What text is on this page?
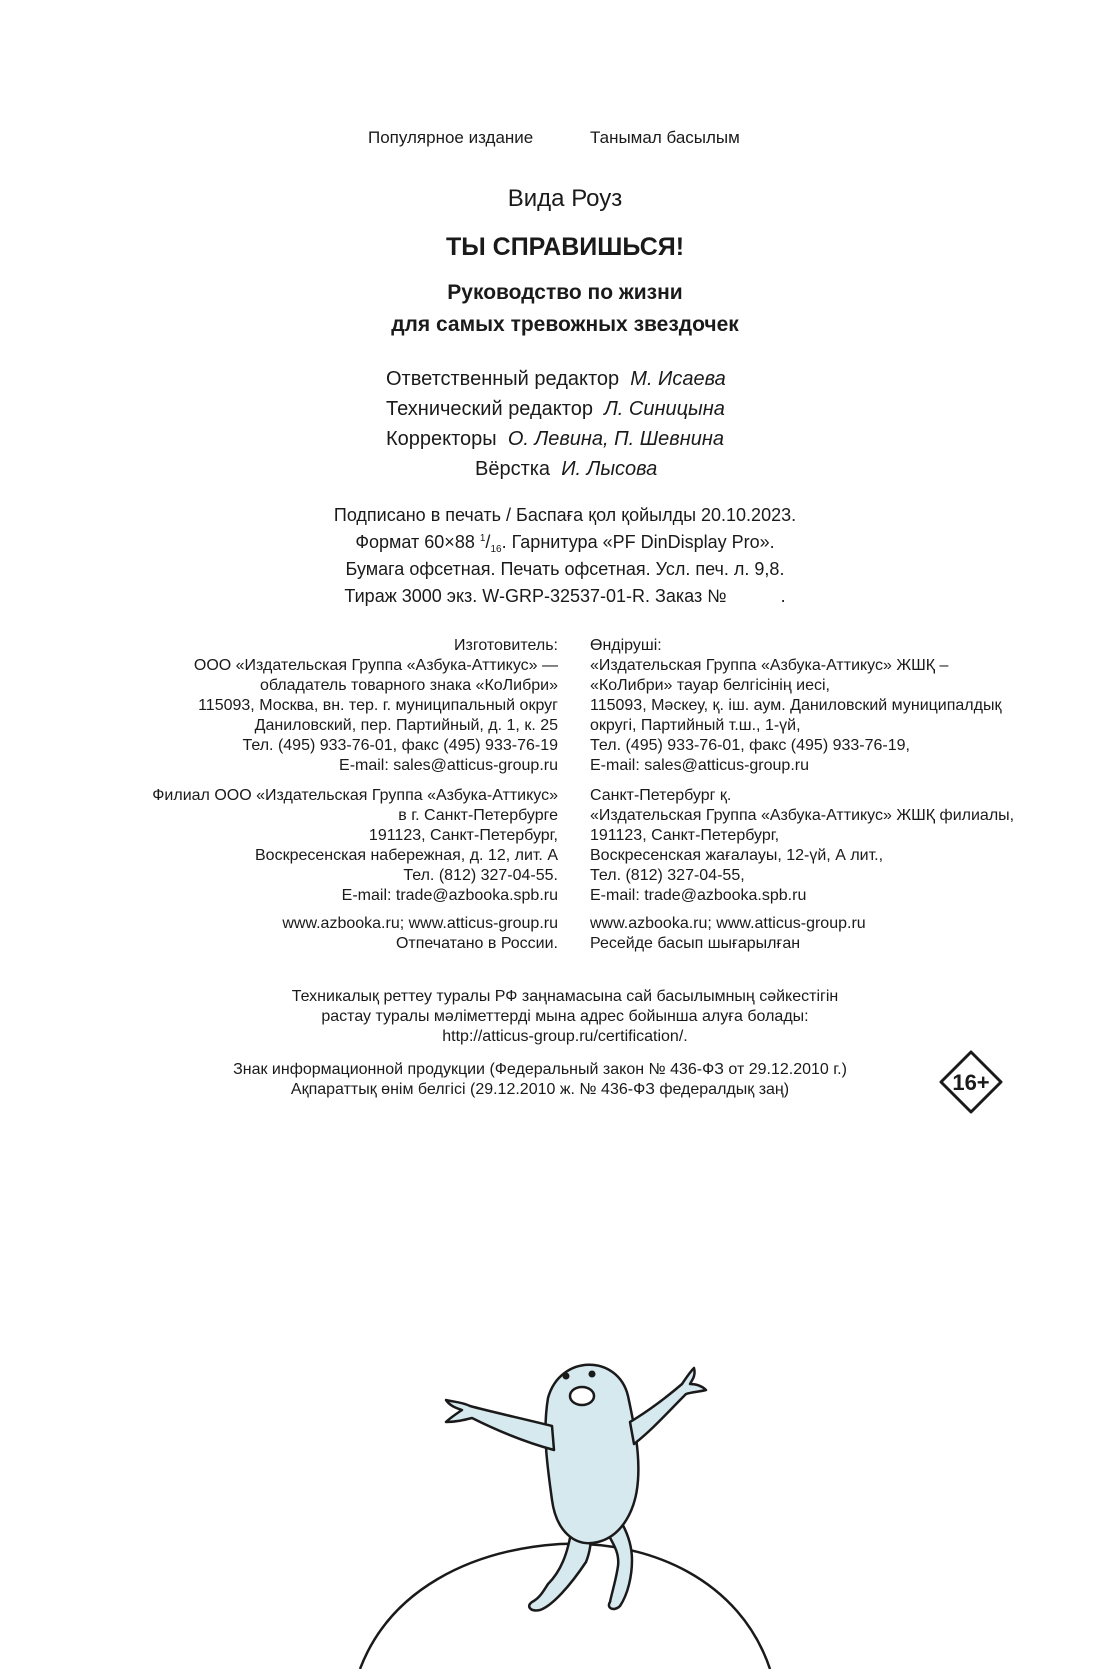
Популярное издание	Танымал басылым
Вида Роуз
ТЫ СПРАВИШЬСЯ!
Руководство по жизни
для самых тревожных звездочек
Ответственный редактор М. Исаева
Технический редактор Л. Синицына
Корректоры О. Левина, П. Шевнина
Вёрстка И. Лысова
Подписано в печать / Баспаға қол қойылды 20.10.2023.
Формат 60×88 $^1/_{16}$. Гарнитура «PF DinDisplay Pro».
Бумага офсетная. Печать офсетная. Усл. печ. л. 9,8.
Тираж 3000 экз. W-GRP-32537-01-R. Заказ №	.
Изготовитель:
ООО «Издательская Группа «Азбука-Аттикус» —
обладатель товарного знака «КоЛибри»
115093, Москва, вн. тер. г. муниципальный округ
Даниловский, пер. Партийный, д. 1, к. 25
Тел. (495) 933-76-01, факс (495) 933-76-19
E-mail: sales@atticus-group.ru
Өндіруші:
«Издательская Группа «Азбука-Аттикус» ЖШҚ –
«КоЛибри» тауар белгісінің иесі,
115093, Мәскеу, қ. іш. аум. Даниловский муниципалдық
округі, Партийный т.ш., 1-үй,
Тел. (495) 933-76-01, факс (495) 933-76-19,
E-mail: sales@atticus-group.ru
Филиал ООО «Издательская Группа «Азбука-Аттикус»
в г. Санкт-Петербурге
191123, Санкт-Петербург,
Воскресенская набережная, д. 12, лит. А
Тел. (812) 327-04-55.
E-mail: trade@azbooka.spb.ru
Санкт-Петербург қ.
«Издательская Группа «Азбука-Аттикус» ЖШҚ филиалы,
191123, Санкт-Петербург,
Воскресенская жағалауы, 12-үй, А лит.,
Тел. (812) 327-04-55,
E-mail: trade@azbooka.spb.ru
www.azbooka.ru; www.atticus-group.ru
Отпечатано в России.
www.azbooka.ru; www.atticus-group.ru
Ресейде басып шығарылған
Техникалық реттеу туралы РФ заңнамасына сай басылымның сәйкестігін
растау туралы мәліметтерді мына адрес бойынша алуға болады:
http://atticus-group.ru/certification/.
Знак информационной продукции (Федеральный закон № 436-ФЗ от 29.12.2010 г.)
Ақпараттық өнім белгісі (29.12.2010 ж. № 436-ФЗ федералдық заң)	16+
